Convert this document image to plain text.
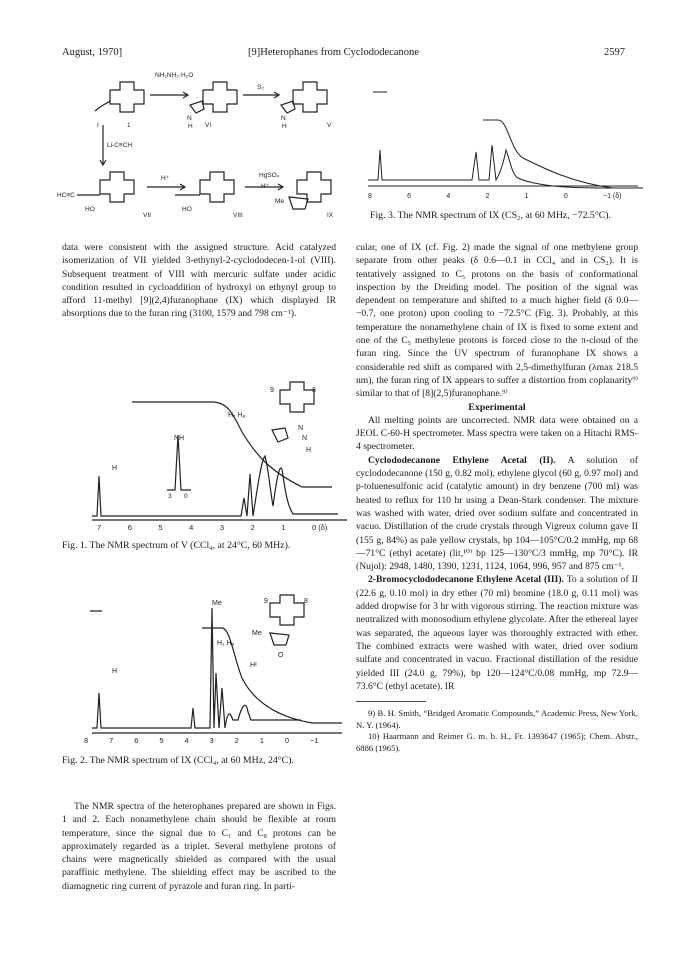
August, 1970]	[9]Heterophanes from Cyclododecanone	2597
NH₂NH₂·H₂O
S₂
Li-C≡CH
H⁺	HgSO₄
H⁺
I	1	VI	V
VII	VIII	IX
HC≡C
HO	HO
N
H
N
H
Me
8	6	4	2	1	0	−1 (δ)
Fig. 3. The NMR spectrum of IX (CS₂, at 60 MHz, −72.5°C).

data were consistent with the assigned structure. Acid catalyzed isomerization of VII yielded 3-ethynyl-2-cyclododecen-1-ol (VIII). Subsequent treatment of VIII with mercuric sulfate under acidic condition resulted in cycloaddition of hydroxyl on ethynyl group to afford 11-methyl [9](2,4)furanophane (IX) which displayed IR absorptions due to the furan ring (3100, 1579 and 798 cm⁻¹).

NH
H
H₁ H₈
N
N
H
9	8
3 0
7	6	5	4	3	2	1	0 (δ)
Fig. 1. The NMR spectrum of V (CCl₄, at 24°C, 60 MHz).
Me
H
H₁ H₈
Hᶜ
9	8
Me
O
8	7	6	5	4	3	2	1	0	−1
Fig. 2. The NMR spectrum of IX (CCl₄, at 60 MHz, 24°C).

The NMR spectra of the heterophanes prepared are shown in Figs. 1 and 2. Each nonamethylene chain should be flexible at room temperature, since the signal due to C₁ and C₈ protons can be approximately regarded as a triplet. Several methylene protons of chains were magnetically shielded as compared with the usual paraffinic methylene. The shielding effect may be ascribed to the diamagnetic ring current of pyrazole and furan ring. In parti-

cular, one of IX (cf. Fig. 2) made the signal of one methylene group separate from other peaks (δ 0.6—0.1 in CCl₄ and in CS₂). It is tentatively assigned to C₅ protons on the basis of conformational inspection by the Dreiding model. The position of the signal was dependent on temperature and shifted to a much higher field (δ 0.0—−0.7, one proton) upon cooling to −72.5°C (Fig. 3). Probably, at this temperature the nonamethylene chain of IX is fixed to some extent and one of the C₅ methylene protons is forced close to the π-cloud of the furan ring. Since the UV spectrum of furanophane IX shows a considerable red shift as compared with 2,5-dimethylfuran (λmax 218.5 nm), the furan ring of IX appears to suffer a distortion from coplanarity⁹⁾ similar to that of [8](2,5)furanophane.⁹⁾

Experimental

All melting points are uncorrected. NMR data were obtained on a JEOL C-60-H spectrometer. Mass spectra were taken on a Hitachi RMS-4 spectrometer.

Cyclododecanone Ethylene Acetal (II). A solution of cyclododecanone (150 g, 0.82 mol), ethylene glycol (60 g, 0.97 mol) and p-toluenesulfonic acid (catalytic amount) in dry benzene (700 ml) was heated to reflux for 110 hr using a Dean-Stark condenser. The mixture was washed with water, dried over sodium sulfate and concentrated in vacuo. Distillation of the crude crystals through Vigreux column gave II (155 g, 84%) as pale yellow crystals, bp 104—105°C/0.2 mmHg, mp 68—71°C (ethyl acetate) (lit,¹⁰⁾ bp 125—130°C/3 mmHg, mp 70°C). IR (Nujol): 2948, 1480, 1390, 1231, 1124, 1064, 996, 957 and 875 cm⁻¹.

2-Bromocyclododecanone Ethylene Acetal (III). To a solution of II (22.6 g, 0.10 mol) in dry ether (70 ml) bromine (18.0 g, 0.11 mol) was added dropwise for 3 hr with vigorous stirring. The reaction mixture was neutralized with monosodium ethylene glycolate. After the ethereal layer was separated, the aqueous layer was thoroughly extracted with ether. The combined extracts were washed with water, dried over sodium sulfate and concentrated in vacuo. Fractional distillation of the residue yielded III (24.0 g, 79%), bp 120—124°C/0.08 mmHg, mp 72.9—73.6°C (ethyl acetate). IR

9) B. H. Smith, “Bridged Aromatic Compounds,” Academic Press, New York, N. Y. (1964).

10) Haarmann and Reimer G. m. b. H., Fr. 1393647 (1965); Chem. Abstr., 6886 (1965).
